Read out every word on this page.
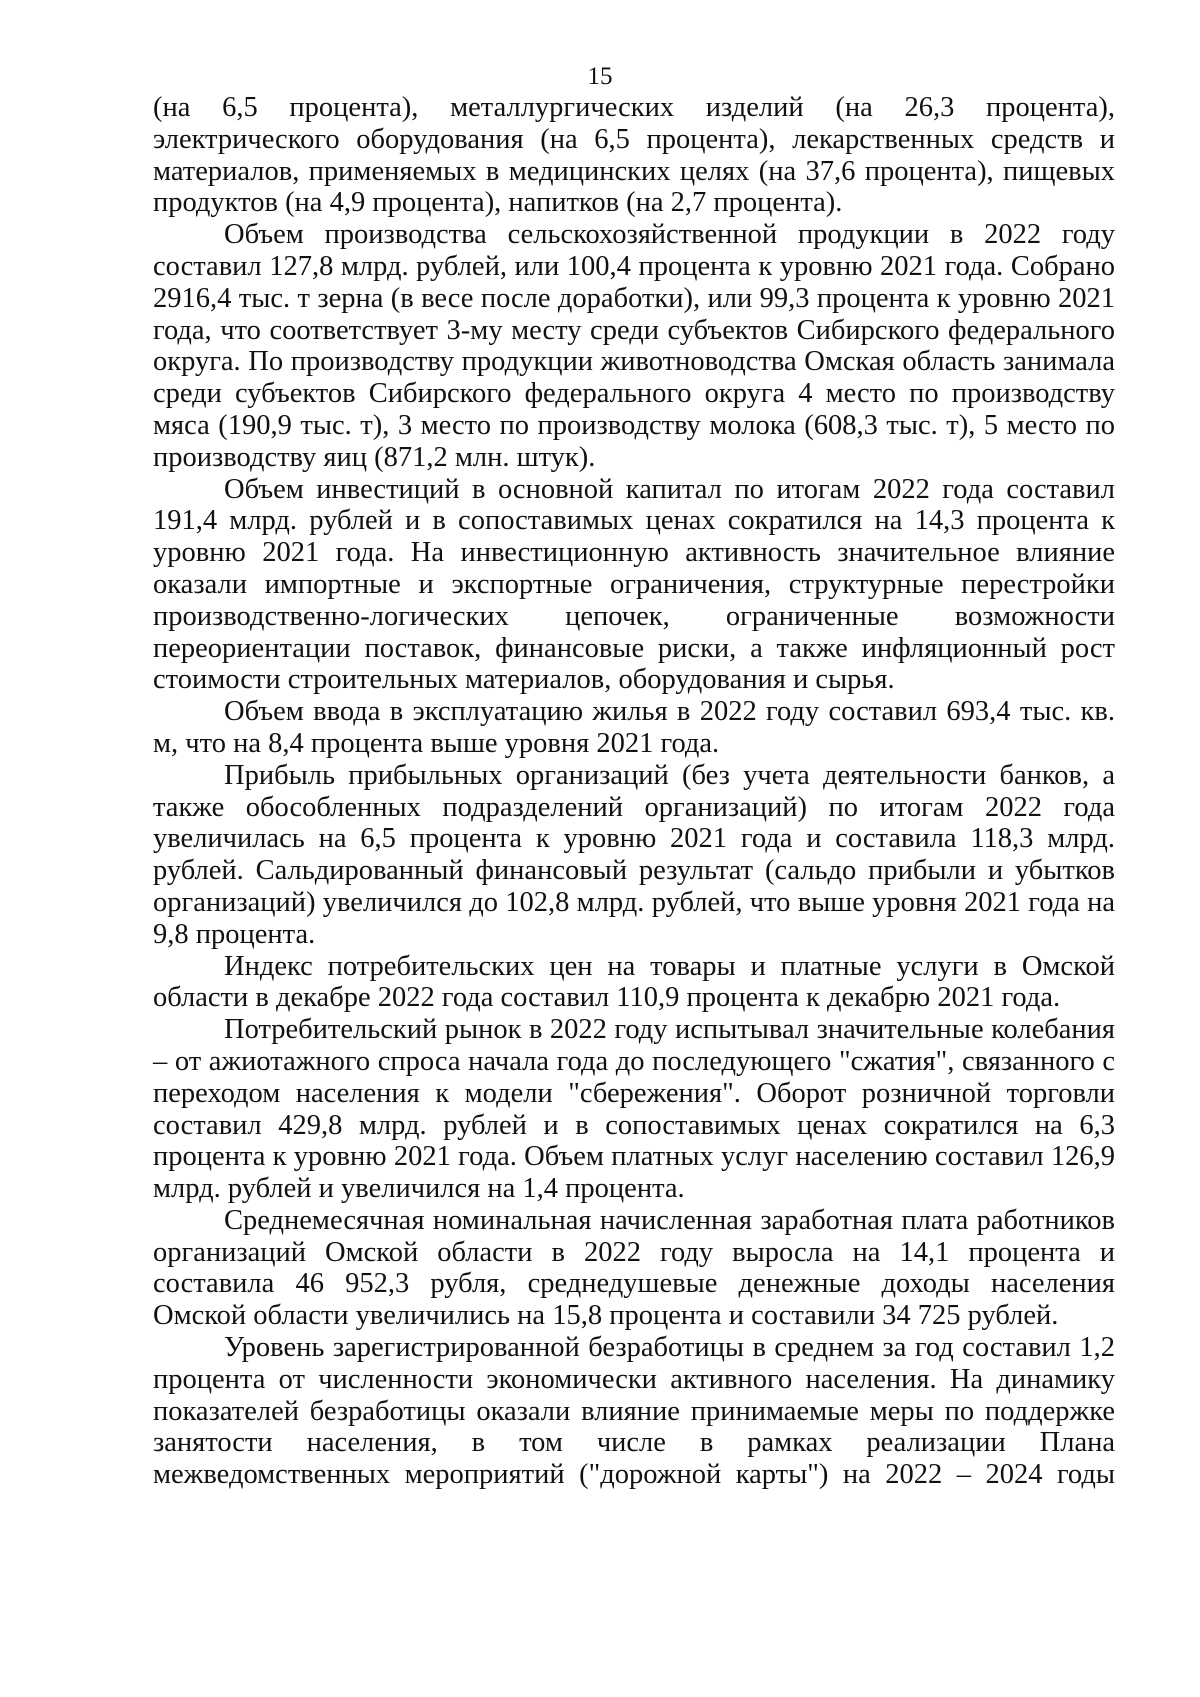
15

(на 6,5 процента), металлургических изделий (на 26,3 процента), электрического оборудования (на 6,5 процента), лекарственных средств и материалов, применяемых в медицинских целях (на 37,6 процента), пищевых продуктов (на 4,9 процента), напитков (на 2,7 процента).

Объем производства сельскохозяйственной продукции в 2022 году составил 127,8 млрд. рублей, или 100,4 процента к уровню 2021 года. Собрано 2916,4 тыс. т зерна (в весе после доработки), или 99,3 процента к уровню 2021 года, что соответствует 3-му месту среди субъектов Сибирского федерального округа. По производству продукции животноводства Омская область занимала среди субъектов Сибирского федерального округа 4 место по производству мяса (190,9 тыс. т), 3 место по производству молока (608,3 тыс. т), 5 место по производству яиц (871,2 млн. штук).

Объем инвестиций в основной капитал по итогам 2022 года составил 191,4 млрд. рублей и в сопоставимых ценах сократился на 14,3 процента к уровню 2021 года. На инвестиционную активность значительное влияние оказали импортные и экспортные ограничения, структурные перестройки производственно-логических цепочек, ограниченные возможности переориентации поставок, финансовые риски, а также инфляционный рост стоимости строительных материалов, оборудования и сырья.

Объем ввода в эксплуатацию жилья в 2022 году составил 693,4 тыс. кв. м, что на 8,4 процента выше уровня 2021 года.

Прибыль прибыльных организаций (без учета деятельности банков, а также обособленных подразделений организаций) по итогам 2022 года увеличилась на 6,5 процента к уровню 2021 года и составила 118,3 млрд. рублей. Сальдированный финансовый результат (сальдо прибыли и убытков организаций) увеличился до 102,8 млрд. рублей, что выше уровня 2021 года на 9,8 процента.

Индекс потребительских цен на товары и платные услуги в Омской области в декабре 2022 года составил 110,9 процента к декабрю 2021 года.

Потребительский рынок в 2022 году испытывал значительные колебания – от ажиотажного спроса начала года до последующего "сжатия", связанного с переходом населения к модели "сбережения". Оборот розничной торговли составил 429,8 млрд. рублей и в сопоставимых ценах сократился на 6,3 процента к уровню 2021 года. Объем платных услуг населению составил 126,9 млрд. рублей и увеличился на 1,4 процента.

Среднемесячная номинальная начисленная заработная плата работников организаций Омской области в 2022 году выросла на 14,1 процента и составила 46 952,3 рубля, среднедушевые денежные доходы населения Омской области увеличились на 15,8 процента и составили 34 725 рублей.

Уровень зарегистрированной безработицы в среднем за год составил 1,2 процента от численности экономически активного населения. На динамику показателей безработицы оказали влияние принимаемые меры по поддержке занятости населения, в том числе в рамках реализации Плана межведомственных мероприятий ("дорожной карты") на 2022 – 2024 годы
